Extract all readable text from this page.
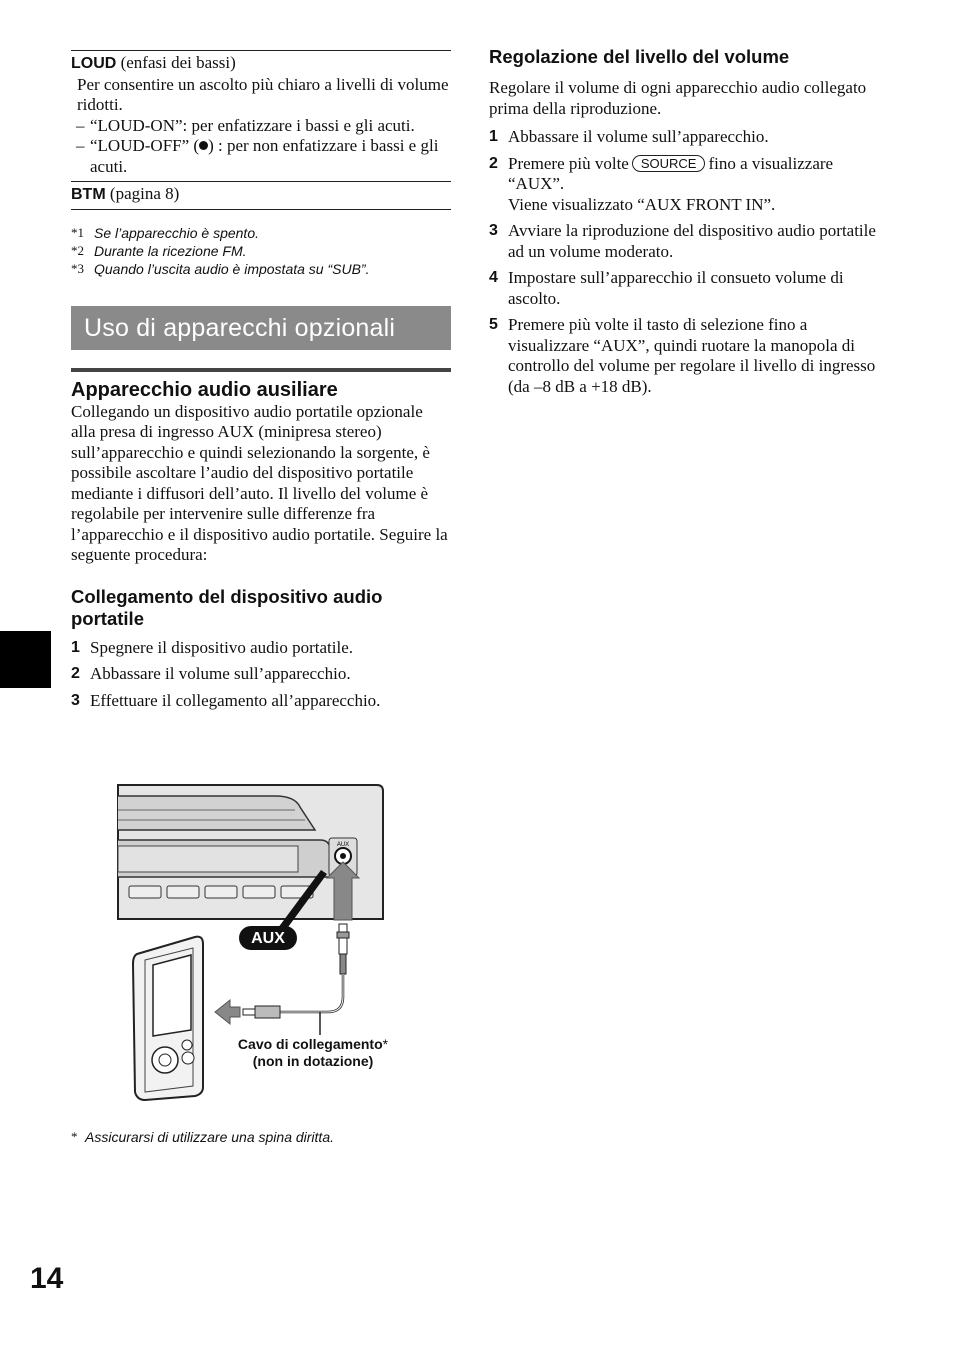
LOUD (enfasi dei bassi)
Per consentire un ascolto più chiaro a livelli di volume ridotti.
– “LOUD-ON”: per enfatizzare i bassi e gli acuti.
– “LOUD-OFF” ( ) : per non enfatizzare i bassi e gli acuti.
BTM (pagina 8)
*1 Se l’apparecchio è spento.
*2 Durante la ricezione FM.
*3 Quando l’uscita audio è impostata su “SUB”.
Uso di apparecchi opzionali
Apparecchio audio ausiliare
Collegando un dispositivo audio portatile opzionale alla presa di ingresso AUX (minipresa stereo) sull’apparecchio e quindi selezionando la sorgente, è possibile ascoltare l’audio del dispositivo portatile mediante i diffusori dell’auto. Il livello del volume è regolabile per intervenire sulle differenze fra l’apparecchio e il dispositivo audio portatile. Seguire la seguente procedura:
Collegamento del dispositivo audio portatile
1 Spegnere il dispositivo audio portatile.
2 Abbassare il volume sull’apparecchio.
3 Effettuare il collegamento all’apparecchio.
AUX
AUX
Cavo di collegamento*
(non in dotazione)
* Assicurarsi di utilizzare una spina diritta.
Regolazione del livello del volume
Regolare il volume di ogni apparecchio audio collegato prima della riproduzione.
1 Abbassare il volume sull’apparecchio.
2 Premere più volte SOURCE fino a visualizzare “AUX”.
Viene visualizzato “AUX FRONT IN”.
3 Avviare la riproduzione del dispositivo audio portatile ad un volume moderato.
4 Impostare sull’apparecchio il consueto volume di ascolto.
5 Premere più volte il tasto di selezione fino a visualizzare “AUX”, quindi ruotare la manopola di controllo del volume per regolare il livello di ingresso (da –8 dB a +18 dB).
14
